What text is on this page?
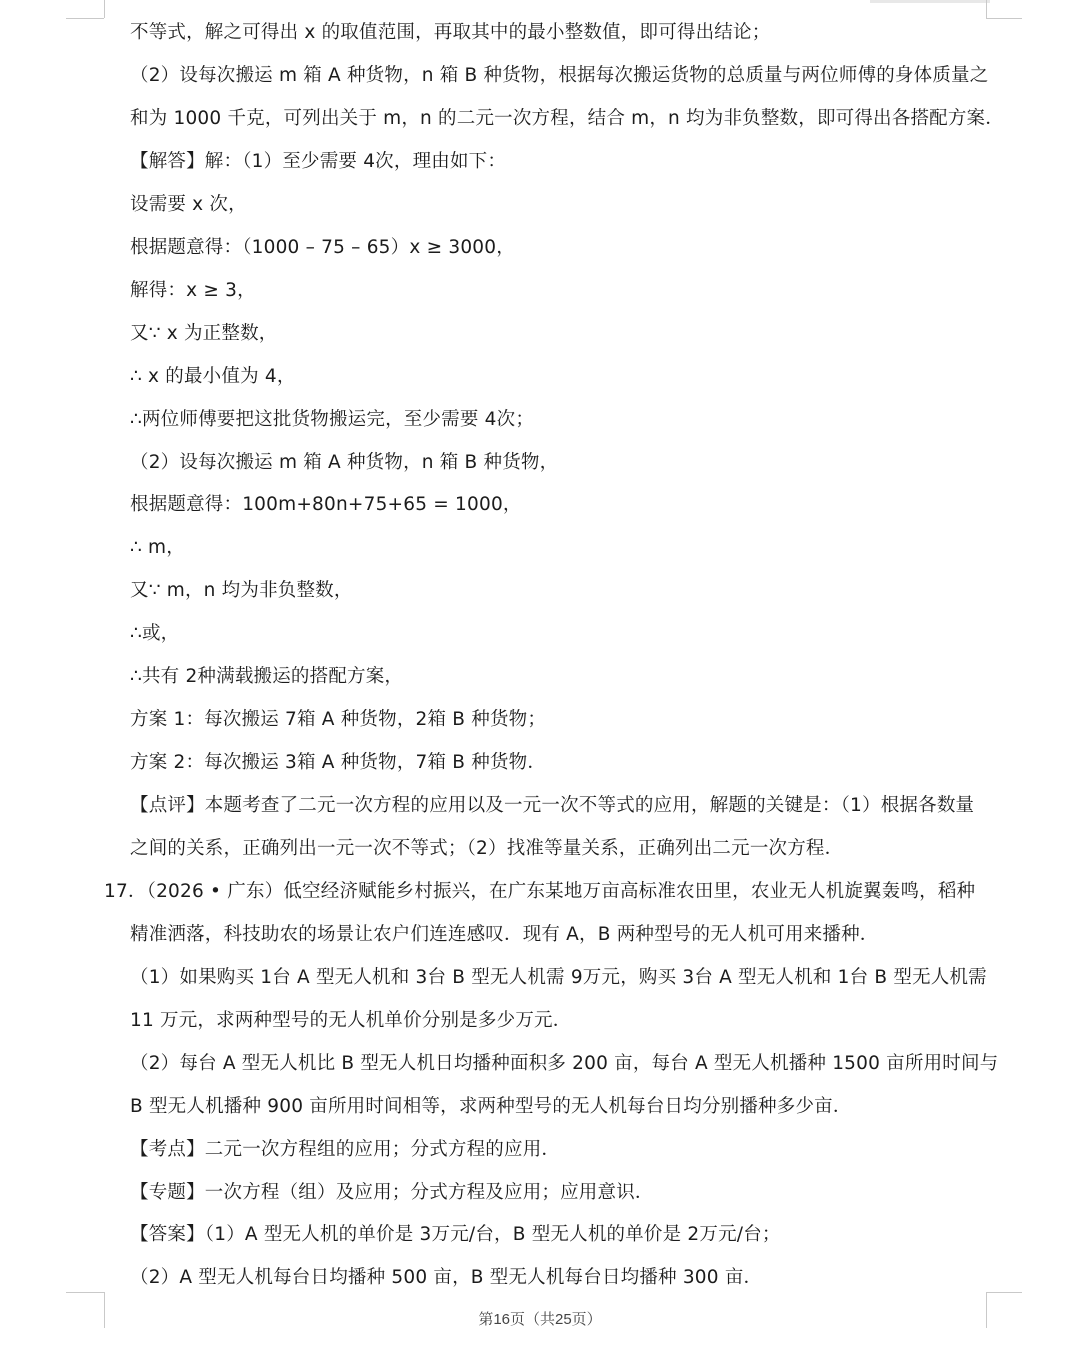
不等式，解之可得出 x 的取值范围，再取其中的最小整数值，即可得出结论；
（2）设每次搬运 m 箱 A 种货物，n 箱 B 种货物，根据每次搬运货物的总质量与两位师傅的身体质量之
和为 1000 千克，可列出关于 m，n 的二元一次方程，结合 m，n 均为非负整数，即可得出各搭配方案．
【解答】解：（1）至少需要 4次，理由如下：
设需要 x 次，
根据题意得：（1000 – 75 – 65）x ≥ 3000，
解得：x ≥ 3，
又∵ x 为正整数，
∴ x 的最小值为 4，
∴两位师傅要把这批货物搬运完，至少需要 4次；
（2）设每次搬运 m 箱 A 种货物，n 箱 B 种货物，
根据题意得：100m+80n+75+65 = 1000，
∴ m，
又∵ m，n 均为非负整数，
∴或，
∴共有 2种满载搬运的搭配方案，
方案 1：每次搬运 7箱 A 种货物，2箱 B 种货物；
方案 2：每次搬运 3箱 A 种货物，7箱 B 种货物．
【点评】本题考查了二元一次方程的应用以及一元一次不等式的应用，解题的关键是：（1）根据各数量
之间的关系，正确列出一元一次不等式；（2）找准等量关系，正确列出二元一次方程．
17．（2026 • 广东）低空经济赋能乡村振兴，在广东某地万亩高标准农田里，农业无人机旋翼轰鸣，稻种
精准洒落，科技助农的场景让农户们连连感叹．现有 A，B 两种型号的无人机可用来播种．
（1）如果购买 1台 A 型无人机和 3台 B 型无人机需 9万元，购买 3台 A 型无人机和 1台 B 型无人机需
11 万元，求两种型号的无人机单价分别是多少万元．
（2）每台 A 型无人机比 B 型无人机日均播种面积多 200 亩，每台 A 型无人机播种 1500 亩所用时间与
B 型无人机播种 900 亩所用时间相等，求两种型号的无人机每台日均分别播种多少亩．
【考点】二元一次方程组的应用；分式方程的应用．
【专题】一次方程（组）及应用；分式方程及应用；应用意识．
【答案】（1）A 型无人机的单价是 3万元/台，B 型无人机的单价是 2万元/台；
（2）A 型无人机每台日均播种 500 亩，B 型无人机每台日均播种 300 亩．
第16页（共25页）
